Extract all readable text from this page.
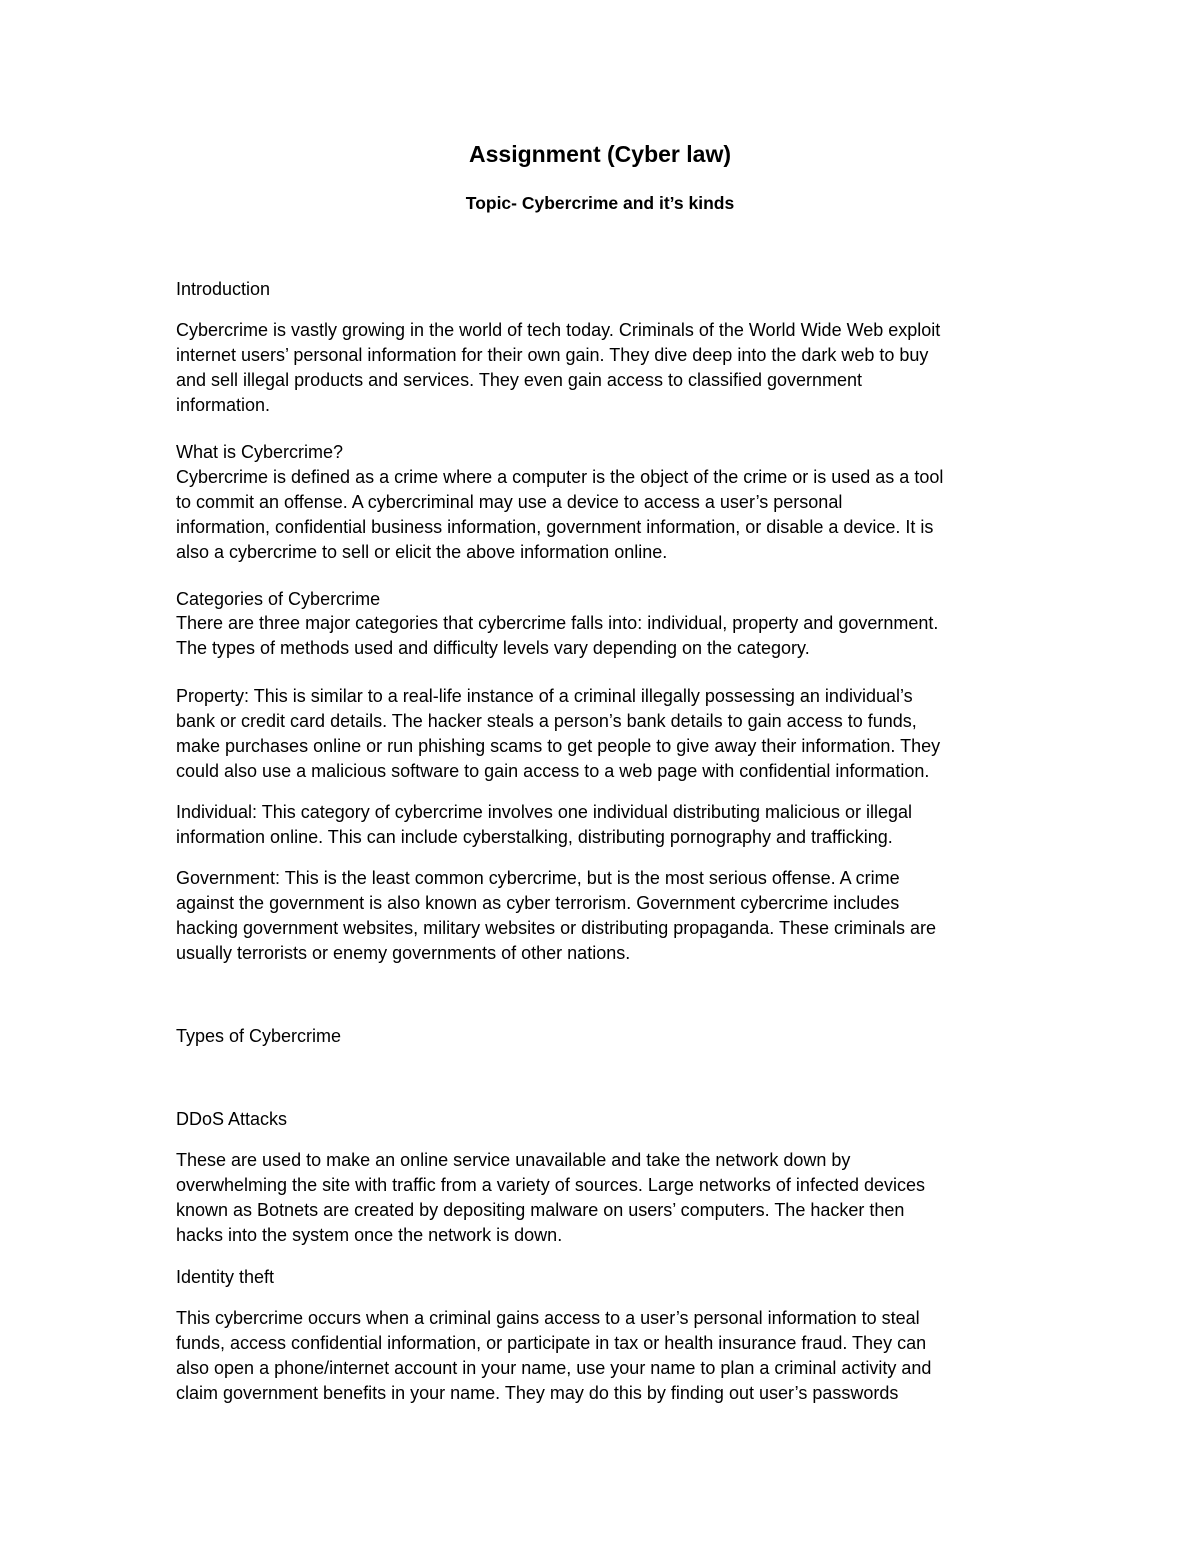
Assignment (Cyber law)
Topic- Cybercrime and it’s kinds
Introduction
Cybercrime is vastly growing in the world of tech today. Criminals of the World Wide Web exploit
internet users’ personal information for their own gain. They dive deep into the dark web to buy
and sell illegal products and services. They even gain access to classified government
information.
What is Cybercrime?
Cybercrime is defined as a crime where a computer is the object of the crime or is used as a tool
to commit an offense. A cybercriminal may use a device to access a user’s personal
information, confidential business information, government information, or disable a device. It is
also a cybercrime to sell or elicit the above information online.
Categories of Cybercrime
There are three major categories that cybercrime falls into: individual, property and government.
The types of methods used and difficulty levels vary depending on the category.
Property: This is similar to a real-life instance of a criminal illegally possessing an individual’s
bank or credit card details. The hacker steals a person’s bank details to gain access to funds,
make purchases online or run phishing scams to get people to give away their information. They
could also use a malicious software to gain access to a web page with confidential information.
Individual: This category of cybercrime involves one individual distributing malicious or illegal
information online. This can include cyberstalking, distributing pornography and trafficking.
Government: This is the least common cybercrime, but is the most serious offense. A crime
against the government is also known as cyber terrorism. Government cybercrime includes
hacking government websites, military websites or distributing propaganda. These criminals are
usually terrorists or enemy governments of other nations.
Types of Cybercrime
DDoS Attacks
These are used to make an online service unavailable and take the network down by
overwhelming the site with traffic from a variety of sources. Large networks of infected devices
known as Botnets are created by depositing malware on users’ computers. The hacker then
hacks into the system once the network is down.
Identity theft
This cybercrime occurs when a criminal gains access to a user’s personal information to steal
funds, access confidential information, or participate in tax or health insurance fraud. They can
also open a phone/internet account in your name, use your name to plan a criminal activity and
claim government benefits in your name. They may do this by finding out user’s passwords
